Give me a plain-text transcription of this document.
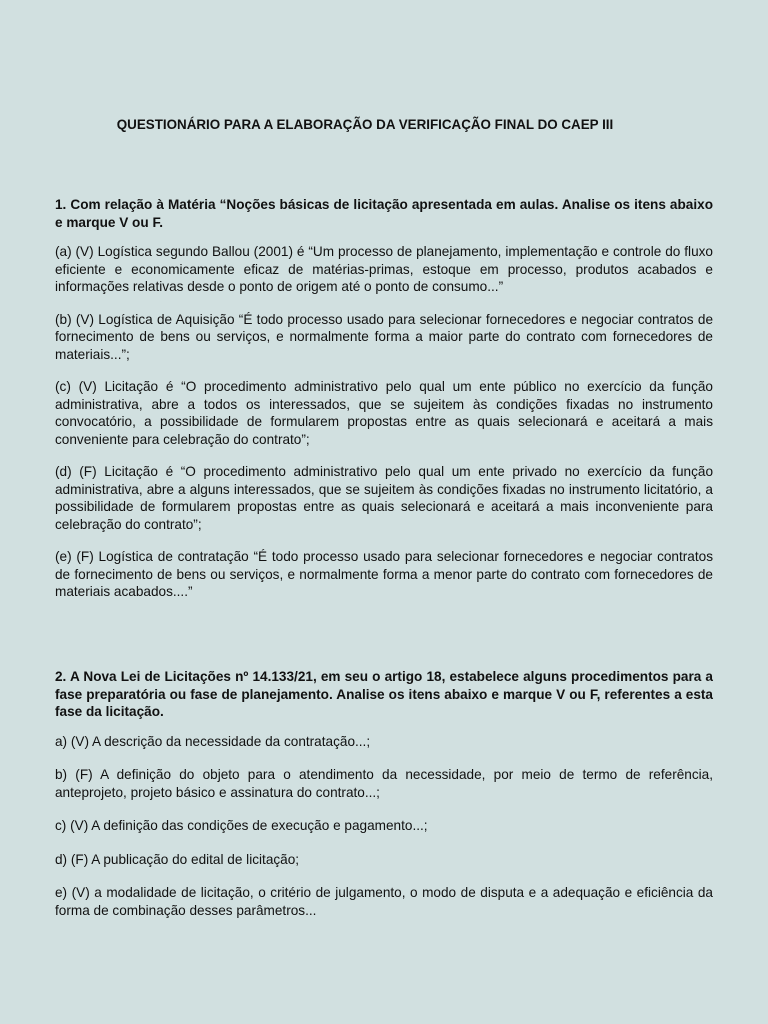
QUESTIONÁRIO PARA A ELABORAÇÃO DA VERIFICAÇÃO FINAL DO CAEP III

1. Com relação à Matéria “Noções básicas de licitação apresentada em aulas. Analise os itens abaixo e marque V ou F.

(a) (V) Logística segundo Ballou (2001) é “Um processo de planejamento, implementação e controle do fluxo eficiente e economicamente eficaz de matérias-primas, estoque em processo, produtos acabados e informações relativas desde o ponto de origem até o ponto de consumo...”

(b) (V) Logística de Aquisição “É todo processo usado para selecionar fornecedores e negociar contratos de fornecimento de bens ou serviços, e normalmente forma a maior parte do contrato com fornecedores de materiais...”;

(c) (V) Licitação é “O procedimento administrativo pelo qual um ente público no exercício da função administrativa, abre a todos os interessados, que se sujeitem às condições fixadas no instrumento convocatório, a possibilidade de formularem propostas entre as quais selecionará e aceitará a mais conveniente para celebração do contrato”;

(d) (F) Licitação é “O procedimento administrativo pelo qual um ente privado no exercício da função administrativa, abre a alguns interessados, que se sujeitem às condições fixadas no instrumento licitatório, a possibilidade de formularem propostas entre as quais selecionará e aceitará a mais inconveniente para celebração do contrato”;

(e) (F) Logística de contratação “É todo processo usado para selecionar fornecedores e negociar contratos de fornecimento de bens ou serviços, e normalmente forma a menor parte do contrato com fornecedores de materiais acabados....”

2. A Nova Lei de Licitações nº 14.133/21, em seu o artigo 18, estabelece alguns procedimentos para a fase preparatória ou fase de planejamento. Analise os itens abaixo e marque V ou F, referentes a esta fase da licitação.

a) (V) A descrição da necessidade da contratação...;

b) (F) A definição do objeto para o atendimento da necessidade, por meio de termo de referência, anteprojeto, projeto básico e assinatura do contrato...;

c) (V) A definição das condições de execução e pagamento...;

d) (F) A publicação do edital de licitação;

e) (V) a modalidade de licitação, o critério de julgamento, o modo de disputa e a adequação e eficiência da forma de combinação desses parâmetros...
